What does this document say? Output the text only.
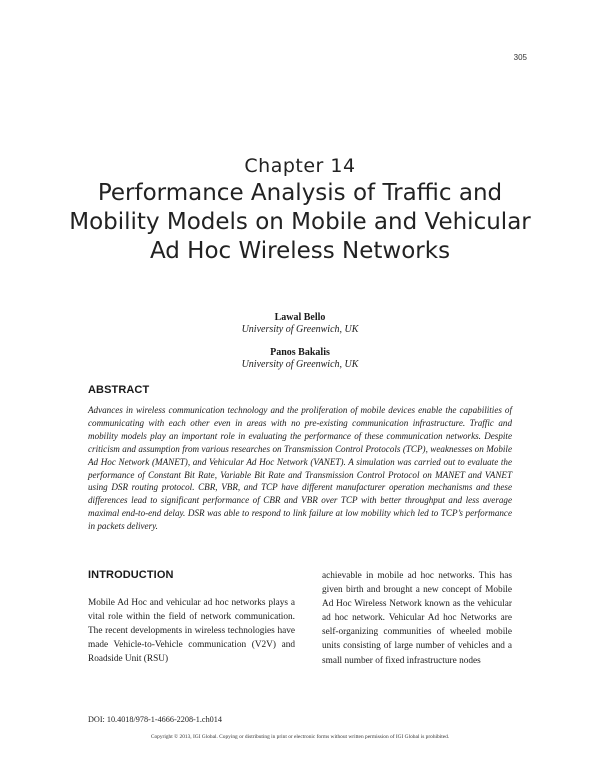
305
Chapter 14
Performance Analysis of Traffic and Mobility Models on Mobile and Vehicular Ad Hoc Wireless Networks
Lawal Bello
University of Greenwich, UK
Panos Bakalis
University of Greenwich, UK
ABSTRACT

Advances in wireless communication technology and the proliferation of mobile devices enable the capabilities of communicating with each other even in areas with no pre-existing communication infrastructure. Traffic and mobility models play an important role in evaluating the performance of these communication networks. Despite criticism and assumption from various researches on Transmission Control Protocols (TCP), weaknesses on Mobile Ad Hoc Network (MANET), and Vehicular Ad Hoc Network (VANET). A simulation was carried out to evaluate the performance of Constant Bit Rate, Variable Bit Rate and Transmission Control Protocol on MANET and VANET using DSR routing protocol. CBR, VBR, and TCP have different manufacturer operation mechanisms and these differences lead to significant performance of CBR and VBR over TCP with better throughput and less average maximal end-to-end delay. DSR was able to respond to link failure at low mobility which led to TCP’s performance in packets delivery.

INTRODUCTION

Mobile Ad Hoc and vehicular ad hoc networks plays a vital role within the field of network communication. The recent developments in wireless technologies have made Vehicle-to-Vehicle communication (V2V) and Roadside Unit (RSU)

achievable in mobile ad hoc networks. This has given birth and brought a new concept of Mobile Ad Hoc Wireless Network known as the vehicular ad hoc network. Vehicular Ad hoc Networks are self-organizing communities of wheeled mobile units consisting of large number of vehicles and a small number of fixed infrastructure nodes

DOI: 10.4018/978-1-4666-2208-1.ch014
Copyright © 2013, IGI Global. Copying or distributing in print or electronic forms without written permission of IGI Global is prohibited.
